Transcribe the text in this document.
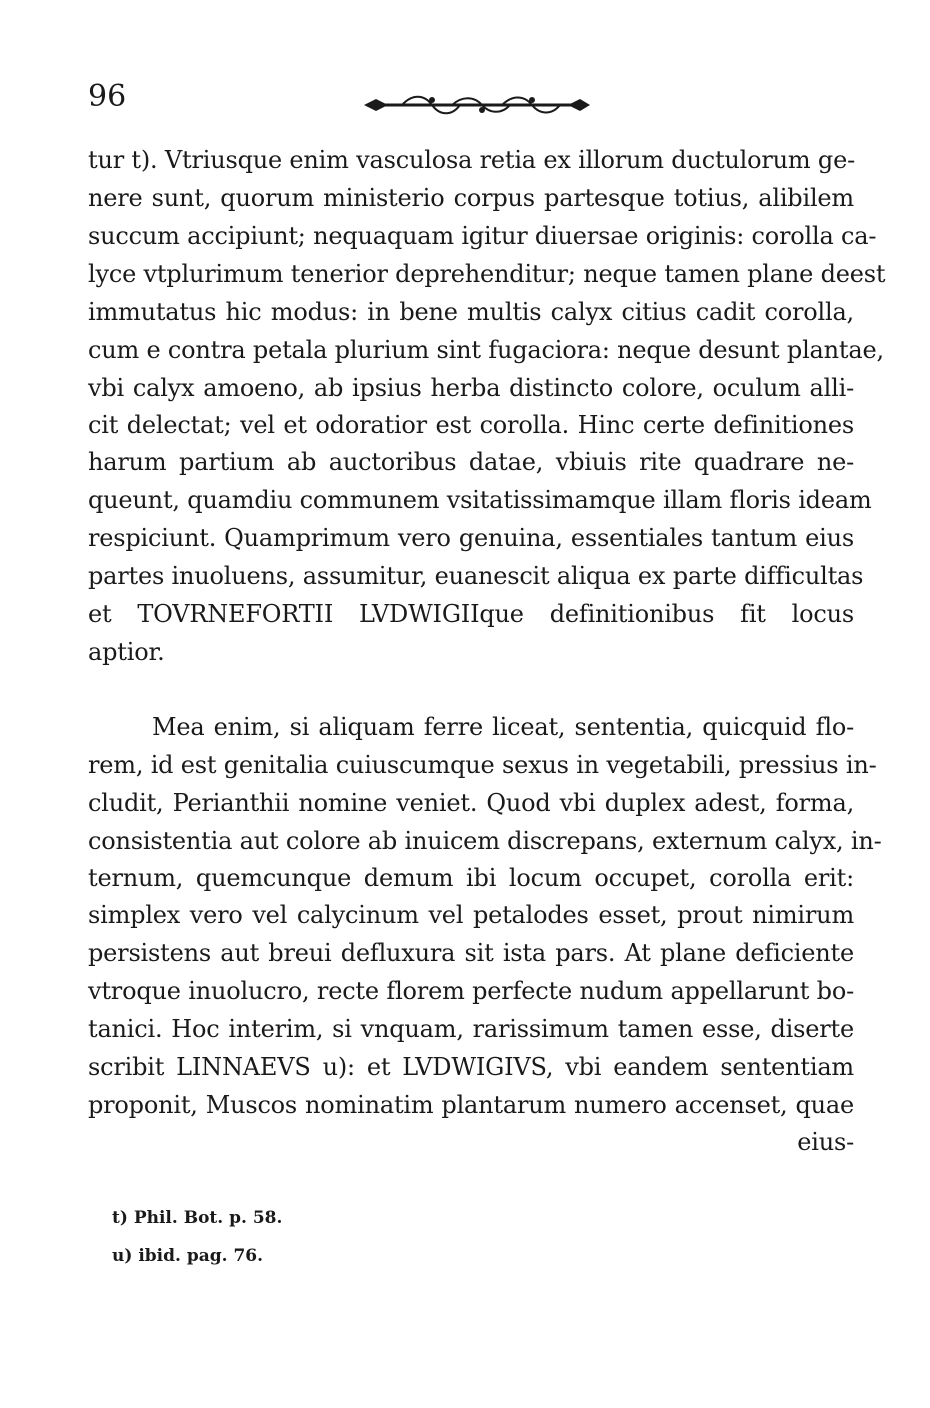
96
tur t). Vtriusque enim vasculosa retia ex illorum ductulorum ge-
nere sunt, quorum ministerio corpus partesque totius, alibilem
succum accipiunt; nequaquam igitur diuersae originis: corolla ca-
lyce vtplurimum tenerior deprehenditur; neque tamen plane deest
immutatus hic modus: in bene multis calyx citius cadit corolla,
cum e contra petala plurium sint fugaciora: neque desunt plantae,
vbi calyx amoeno, ab ipsius herba distincto colore, oculum alli-
cit delectat; vel et odoratior est corolla. Hinc certe definitiones
harum partium ab auctoribus datae, vbiuis rite quadrare ne-
queunt, quamdiu communem vsitatissimamque illam floris ideam
respiciunt. Quamprimum vero genuina, essentiales tantum eius
partes inuoluens, assumitur, euanescit aliqua ex parte difficultas
et TOVRNEFORTII LVDWIGIIque definitionibus fit locus
aptior.
Mea enim, si aliquam ferre liceat, sententia, quicquid flo-
rem, id est genitalia cuiuscumque sexus in vegetabili, pressius in-
cludit, Perianthii nomine veniet. Quod vbi duplex adest, forma,
consistentia aut colore ab inuicem discrepans, externum calyx, in-
ternum, quemcunque demum ibi locum occupet, corolla erit:
simplex vero vel calycinum vel petalodes esset, prout nimirum
persistens aut breui defluxura sit ista pars. At plane deficiente
vtroque inuolucro, recte florem perfecte nudum appellarunt bo-
tanici. Hoc interim, si vnquam, rarissimum tamen esse, diserte
scribit LINNAEVS u): et LVDWIGIVS, vbi eandem sententiam
proponit, Muscos nominatim plantarum numero accenset, quae
eius-
t) Phil. Bot. p. 58.
u) ibid. pag. 76.
